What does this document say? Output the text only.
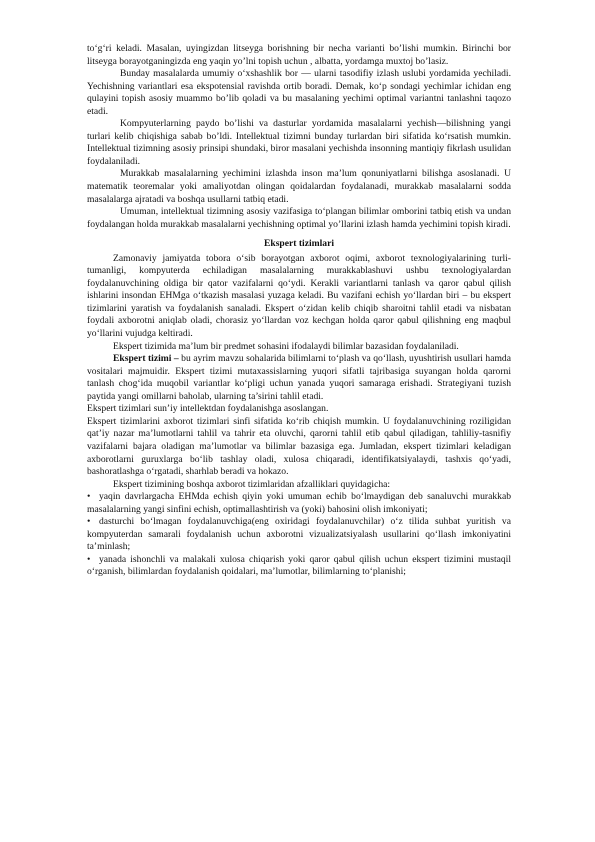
to‘g‘ri keladi. Masalan, uyingizdan litseyga borishning bir necha varianti bo’lishi mumkin. Birinchi bor litseyga borayotganingizda eng yaqin yo’lni topish uchun , albatta, yordamga muxtoj bo’lasiz.

Bunday masalalarda umumiy o‘xshashlik bor — ularni tasodifiy izlash uslubi yordamida yechiladi. Yechishning variantlari esa ekspotensial ravishda ortib boradi. Demak, ko‘p sondagi yechimlar ichidan eng qulayini topish asosiy muammo bo’lib qoladi va bu masalaning yechimi optimal variantni tanlashni taqozo etadi.

Kompyuterlarning paydo bo’lishi va dasturlar yordamida masalalarni yechish—bilishning yangi turlari kelib chiqishiga sabab bo’ldi. Intellektual tizimni bunday turlardan biri sifatida ko‘rsatish mumkin. Intellektual tizimning asosiy prinsipi shundaki, biror masalani yechishda insonning mantiqiy fikrlash usulidan foydalaniladi.

Murakkab masalalarning yechimini izlashda inson ma’lum qonuniyatlarni bilishga asoslanadi. U matematik teoremalar yoki amaliyotdan olingan qoidalardan foydalanadi, murakkab masalalarni sodda masalalarga ajratadi va boshqa usullarni tatbiq etadi.

Umuman, intellektual tizimning asosiy vazifasiga to‘plangan bilimlar omborini tatbiq etish va undan foydalangan holda murakkab masalalarni yechishning optimal yo’llarini izlash hamda yechimini topish kiradi.

Ekspert tizimlari

Zamonaviy jamiyatda tobora o‘sib borayotgan axborot oqimi, axborot texnologiyalarining turli-tumanligi, kompyuterda echiladigan masalalarning murakkablashuvi ushbu texnologiyalardan foydalanuvchining oldiga bir qator vazifalarni qo‘ydi. Kerakli variantlarni tanlash va qaror qabul qilish ishlarini insondan EHMga o‘tkazish masalasi yuzaga keladi. Bu vazifani echish yo‘llardan biri – bu ekspert tizimlarini yaratish va foydalanish sanaladi. Ekspert o‘zidan kelib chiqib sharoitni tahlil etadi va nisbatan foydali axborotni aniqlab oladi, chorasiz yo‘llardan voz kechgan holda qaror qabul qilishning eng maqbul yo‘llarini vujudga keltiradi.

Ekspert tizimida ma’lum bir predmet sohasini ifodalaydi bilimlar bazasidan foydalaniladi.

Ekspert tizimi – bu ayrim mavzu sohalarida bilimlarni to‘plash va qo‘llash, uyushtirish usullari hamda vositalari majmuidir. Ekspert tizimi mutaxassislarning yuqori sifatli tajribasiga suyangan holda qarorni tanlash chog‘ida muqobil variantlar ko‘pligi uchun yanada yuqori samaraga erishadi. Strategiyani tuzish paytida yangi omillarni baholab, ularning ta’sirini tahlil etadi.

Ekspert tizimlari sun’iy intellektdan foydalanishga asoslangan.

Ekspert tizimlarini axborot tizimlari sinfi sifatida ko‘rib chiqish mumkin. U foydalanuvchining roziligidan qat’iy nazar ma’lumotlarni tahlil va tahrir eta oluvchi, qarorni tahlil etib qabul qiladigan, tahliliy-tasnifiy vazifalarni bajara oladigan ma’lumotlar va bilimlar bazasiga ega. Jumladan, ekspert tizimlari keladigan axborotlarni guruxlarga bo‘lib tashlay oladi, xulosa chiqaradi, identifikatsiyalaydi, tashxis qo‘yadi, bashoratlashga o‘rgatadi, sharhlab beradi va hokazo.

Ekspert tizimining boshqa axborot tizimlaridan afzalliklari quyidagicha:

• yaqin davrlargacha EHMda echish qiyin yoki umuman echib bo‘lmaydigan deb sanaluvchi murakkab masalalarning yangi sinfini echish, optimallashtirish va (yoki) bahosini olish imkoniyati;

• dasturchi bo‘lmagan foydalanuvchiga(eng oxiridagi foydalanuvchilar) o‘z tilida suhbat yuritish va kompyuterdan samarali foydalanish uchun axborotni vizualizatsiyalash usullarini qo‘llash imkoniyatini ta’minlash;

• yanada ishonchli va malakali xulosa chiqarish yoki qaror qabul qilish uchun ekspert tizimini mustaqil o‘rganish, bilimlardan foydalanish qoidalari, ma’lumotlar, bilimlarning to‘planishi;
